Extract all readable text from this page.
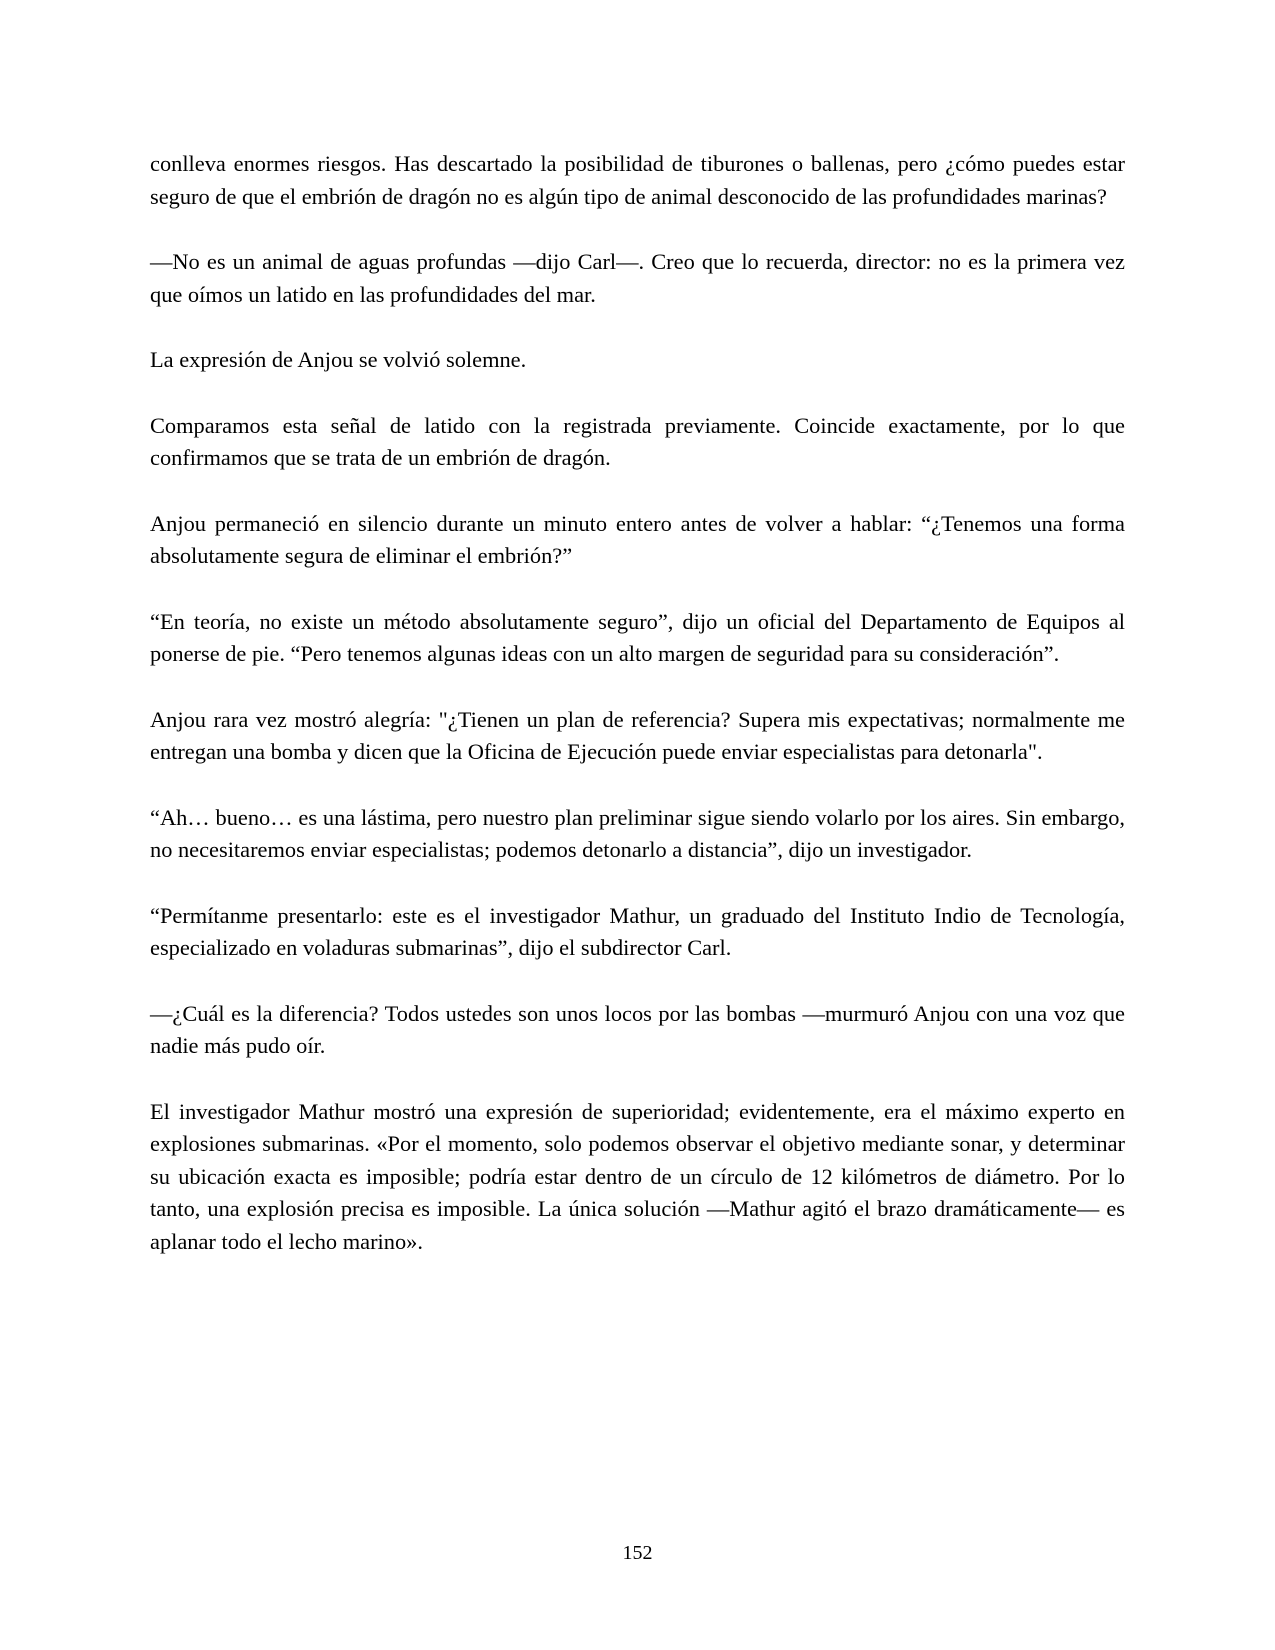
conlleva enormes riesgos. Has descartado la posibilidad de tiburones o ballenas, pero ¿cómo puedes estar seguro de que el embrión de dragón no es algún tipo de animal desconocido de las profundidades marinas?

—No es un animal de aguas profundas —dijo Carl—. Creo que lo recuerda, director: no es la primera vez que oímos un latido en las profundidades del mar.

La expresión de Anjou se volvió solemne.

Comparamos esta señal de latido con la registrada previamente. Coincide exactamente, por lo que confirmamos que se trata de un embrión de dragón.

Anjou permaneció en silencio durante un minuto entero antes de volver a hablar: “¿Tenemos una forma absolutamente segura de eliminar el embrión?”

“En teoría, no existe un método absolutamente seguro”, dijo un oficial del Departamento de Equipos al ponerse de pie. “Pero tenemos algunas ideas con un alto margen de seguridad para su consideración”.

Anjou rara vez mostró alegría: "¿Tienen un plan de referencia? Supera mis expectativas; normalmente me entregan una bomba y dicen que la Oficina de Ejecución puede enviar especialistas para detonarla".

“Ah… bueno… es una lástima, pero nuestro plan preliminar sigue siendo volarlo por los aires. Sin embargo, no necesitaremos enviar especialistas; podemos detonarlo a distancia”, dijo un investigador.

“Permítanme presentarlo: este es el investigador Mathur, un graduado del Instituto Indio de Tecnología, especializado en voladuras submarinas”, dijo el subdirector Carl.

—¿Cuál es la diferencia? Todos ustedes son unos locos por las bombas —murmuró Anjou con una voz que nadie más pudo oír.

El investigador Mathur mostró una expresión de superioridad; evidentemente, era el máximo experto en explosiones submarinas. «Por el momento, solo podemos observar el objetivo mediante sonar, y determinar su ubicación exacta es imposible; podría estar dentro de un círculo de 12 kilómetros de diámetro. Por lo tanto, una explosión precisa es imposible. La única solución —Mathur agitó el brazo dramáticamente— es aplanar todo el lecho marino».

152
